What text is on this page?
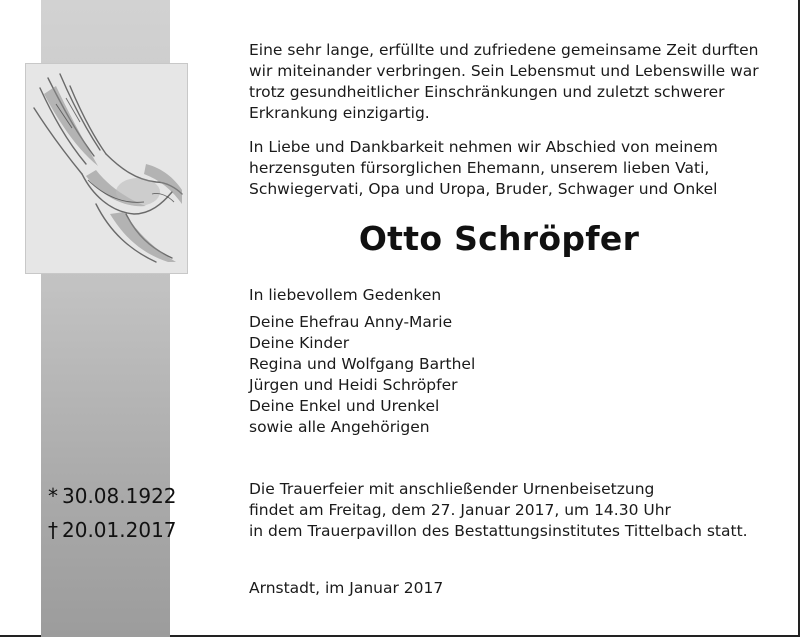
* 30.08.1922
† 20.01.2017
Eine sehr lange, erfüllte und zufriedene gemeinsame Zeit durften
wir miteinander verbringen. Sein Lebensmut und Lebenswille war
trotz gesundheitlicher Einschränkungen und zuletzt schwerer
Erkrankung einzigartig.
In Liebe und Dankbarkeit nehmen wir Abschied von meinem
herzensguten fürsorglichen Ehemann, unserem lieben Vati,
Schwiegervati, Opa und Uropa, Bruder, Schwager und Onkel
Otto Schröpfer
In liebevollem Gedenken
Deine Ehefrau Anny-Marie
Deine Kinder
Regina und Wolfgang Barthel
Jürgen und Heidi Schröpfer
Deine Enkel und Urenkel
sowie alle Angehörigen
Die Trauerfeier mit anschließender Urnenbeisetzung
findet am Freitag, dem 27. Januar 2017, um 14.30 Uhr
in dem Trauerpavillon des Bestattungsinstitutes Tittelbach statt.
Arnstadt, im Januar 2017
